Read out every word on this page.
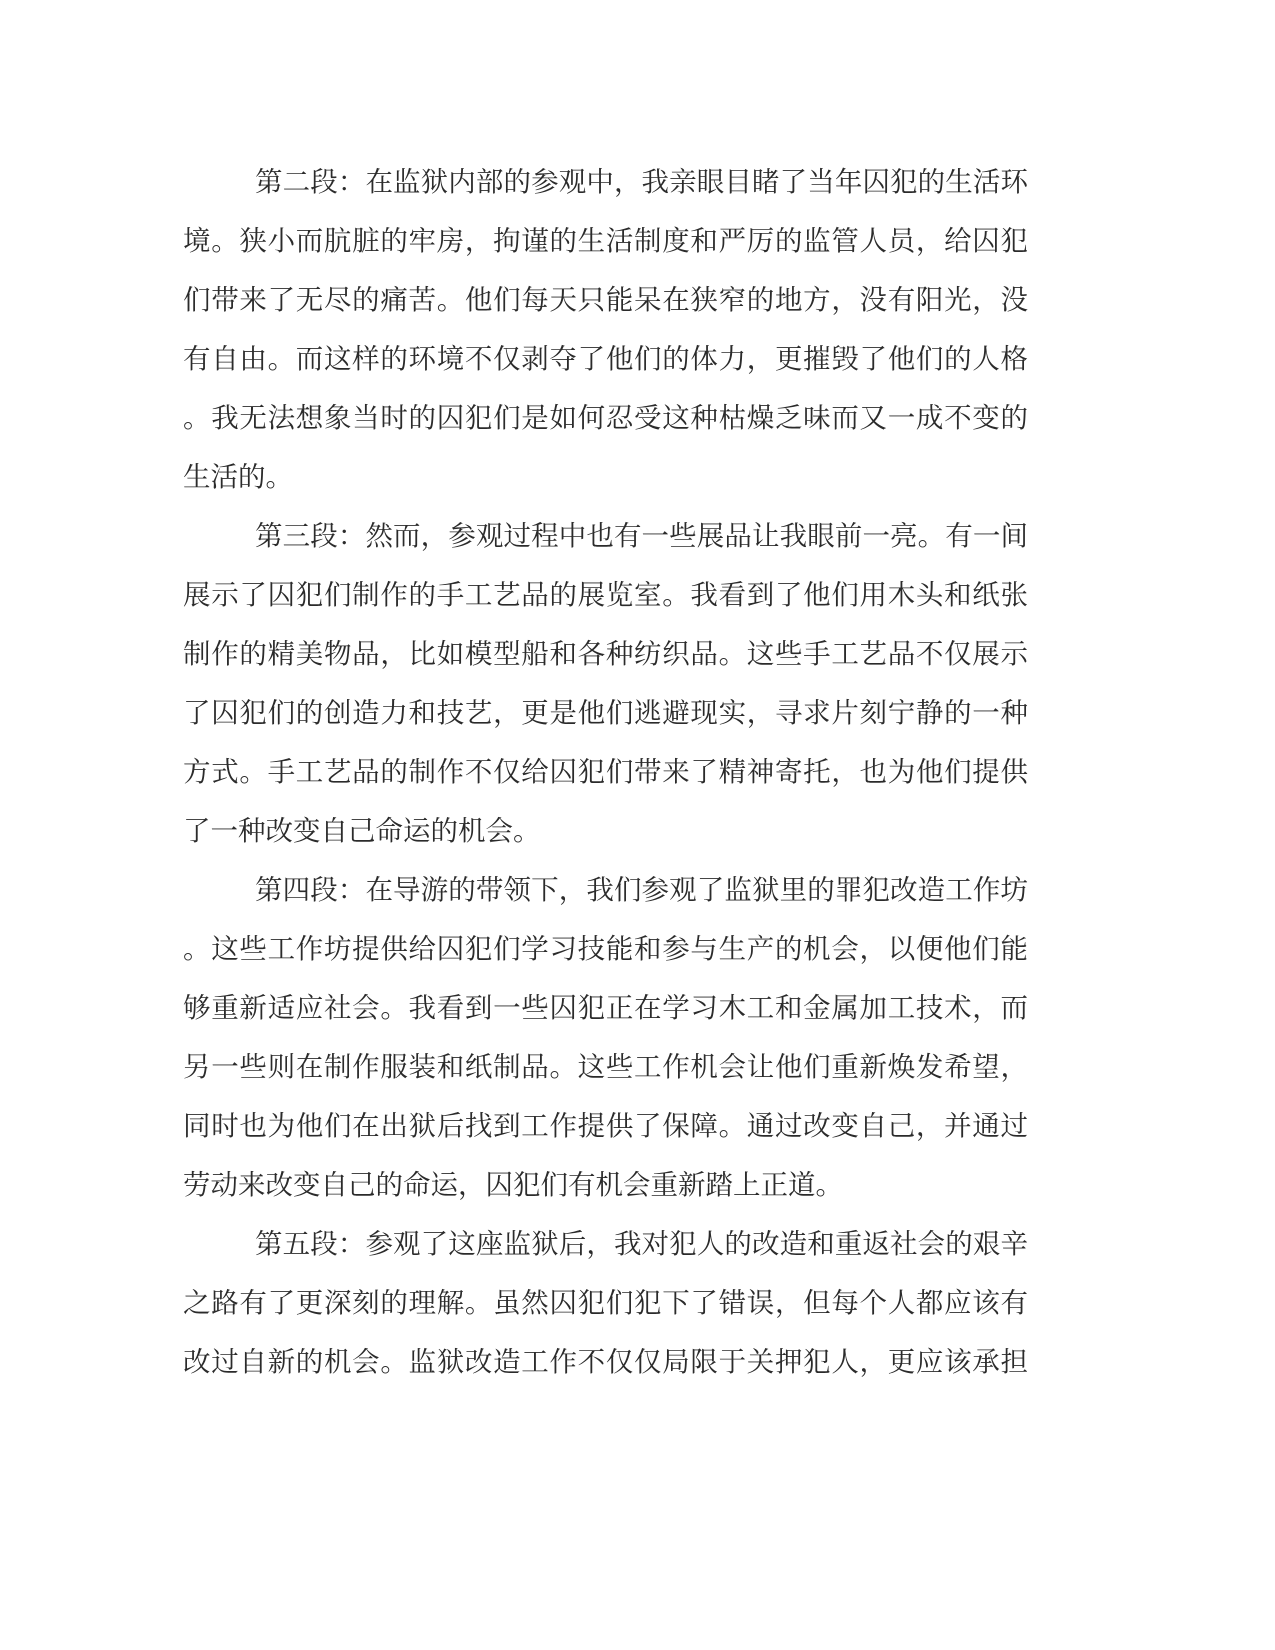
第二段：在监狱内部的参观中，我亲眼目睹了当年囚犯的生活环
境。狭小而肮脏的牢房，拘谨的生活制度和严厉的监管人员，给囚犯
们带来了无尽的痛苦。他们每天只能呆在狭窄的地方，没有阳光，没
有自由。而这样的环境不仅剥夺了他们的体力，更摧毁了他们的人格
。我无法想象当时的囚犯们是如何忍受这种枯燥乏味而又一成不变的
生活的。
第三段：然而，参观过程中也有一些展品让我眼前一亮。有一间
展示了囚犯们制作的手工艺品的展览室。我看到了他们用木头和纸张
制作的精美物品，比如模型船和各种纺织品。这些手工艺品不仅展示
了囚犯们的创造力和技艺，更是他们逃避现实，寻求片刻宁静的一种
方式。手工艺品的制作不仅给囚犯们带来了精神寄托，也为他们提供
了一种改变自己命运的机会。
第四段：在导游的带领下，我们参观了监狱里的罪犯改造工作坊
。这些工作坊提供给囚犯们学习技能和参与生产的机会，以便他们能
够重新适应社会。我看到一些囚犯正在学习木工和金属加工技术，而
另一些则在制作服装和纸制品。这些工作机会让他们重新焕发希望，
同时也为他们在出狱后找到工作提供了保障。通过改变自己，并通过
劳动来改变自己的命运，囚犯们有机会重新踏上正道。
第五段：参观了这座监狱后，我对犯人的改造和重返社会的艰辛
之路有了更深刻的理解。虽然囚犯们犯下了错误，但每个人都应该有
改过自新的机会。监狱改造工作不仅仅局限于关押犯人，更应该承担
